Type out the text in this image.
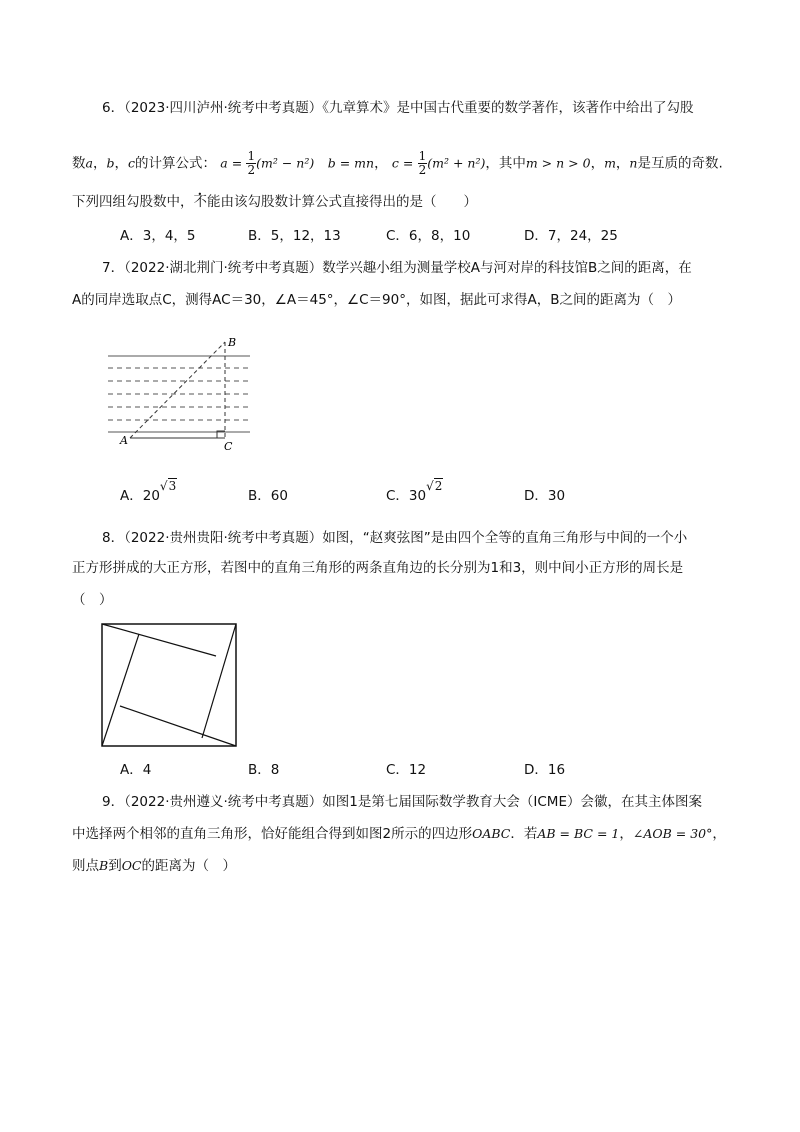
6．（2023·四川泸州·统考中考真题）《九章算术》是中国古代重要的数学著作，该著作中给出了勾股
数a，b，c的计算公式： $a = \frac{1}{2} (m^2 - n^2)$　 b = mn， $c = \frac{1}{2} (m^2 + n^2)$，其中m > n > 0，m，n是互质的奇数.
下列四组勾股数中，不能由该勾股数计算公式直接得出的是（　　）
A．3，4，5	B．5，12，13	C．6，8，10	D．7，24，25
7．（2022·湖北荆门·统考中考真题）数学兴趣小组为测量学校A与河对岸的科技馆B之间的距离，在
A的同岸选取点C，测得AC＝30，∠A＝45°，∠C＝90°，如图，据此可求得A，B之间的距离为（　）
A
B
C
A．20√3
B．60	C．30√2
D．30
8．（2022·贵州贵阳·统考中考真题）如图，“赵爽弦图”是由四个全等的直角三角形与中间的一个小
正方形拼成的大正方形，若图中的直角三角形的两条直角边的长分别为1和3，则中间小正方形的周长是
（　）
A．4	B．8	C．12	D．16
9．（2022·贵州遵义·统考中考真题）如图1是第七届国际数学教育大会（ICME）会徽，在其主体图案
中选择两个相邻的直角三角形，恰好能组合得到如图2所示的四边形OABC．若AB = BC = 1，∠AOB = 30°，
则点B到OC的距离为（　）
